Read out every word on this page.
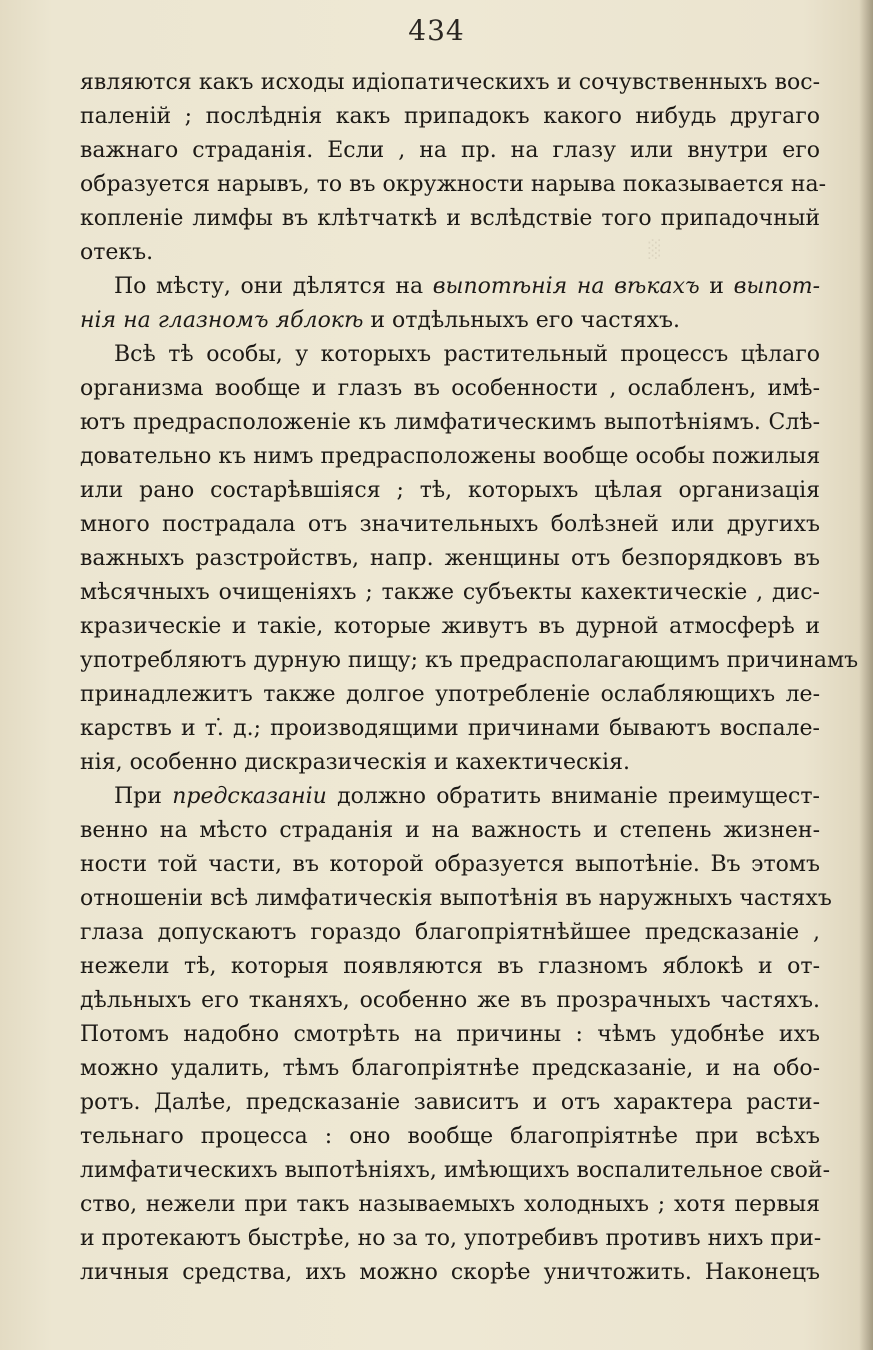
░
434
являются какъ исходы идіопатическихъ и сочувственныхъ вос-
паленій ; послѣднія какъ припадокъ какого нибудь другаго
важнаго страданія. Если , на пр. на глазу или внутри его
образуется нарывъ, то въ окружности нарыва показывается на-
копленіе лимфы въ клѣтчаткѣ и вслѣдствіе того припадочный
отекъ.
По мѣсту, они дѣлятся на выпотѣнія на вѣкахъ и выпот-
нія на глазномъ яблокѣ и отдѣльныхъ его частяхъ.
Всѣ тѣ особы, у которыхъ растительный процессъ цѣлаго
организма вообще и глазъ въ особенности , ослабленъ, имѣ-
ютъ предрасположеніе къ лимфатическимъ выпотѣніямъ. Слѣ-
довательно къ нимъ предрасположены вообще особы пожилыя
или рано состарѣвшіяся ; тѣ, которыхъ цѣлая организація
много пострадала отъ значительныхъ болѣзней или другихъ
важныхъ разстройствъ, напр. женщины отъ безпорядковъ въ
мѣсячныхъ очищеніяхъ ; также субъекты кахектическіе , дис-
кразическіе и такіе, которые живутъ въ дурной атмосферѣ и
употребляютъ дурную пищу; къ предрасполагающимъ причинамъ
принадлежитъ также долгое употребленіе ослабляющихъ ле-
карствъ и т.̇ д.; производящими причинами бываютъ воспале-
нія, особенно дискразическія и кахектическія.
При предсказаніи должно обратить вниманіе преимущест-
венно на мѣсто страданія и на важность и степень жизнен-
ности той части, въ которой образуется выпотѣніе. Въ этомъ
отношеніи всѣ лимфатическія выпотѣнія въ наружныхъ частяхъ
глаза допускаютъ гораздо благопріятнѣйшее предсказаніе ,
нежели тѣ, которыя появляются въ глазномъ яблокѣ и от-
дѣльныхъ его тканяхъ, особенно же въ прозрачныхъ частяхъ.
Потомъ надобно смотрѣть на причины : чѣмъ удобнѣе ихъ
можно удалить, тѣмъ благопріятнѣе предсказаніе, и на обо-
ротъ. Далѣе, предсказаніе зависитъ и отъ характера расти-
тельнаго процесса : оно вообще благопріятнѣе при всѣхъ
лимфатическихъ выпотѣніяхъ, имѣющихъ воспалительное свой-
ство, нежели при такъ называемыхъ холодныхъ ; хотя первыя
и протекаютъ быстрѣе, но за то, употребивъ противъ нихъ при-
личныя средства, ихъ можно скорѣе уничтожить. Наконецъ
